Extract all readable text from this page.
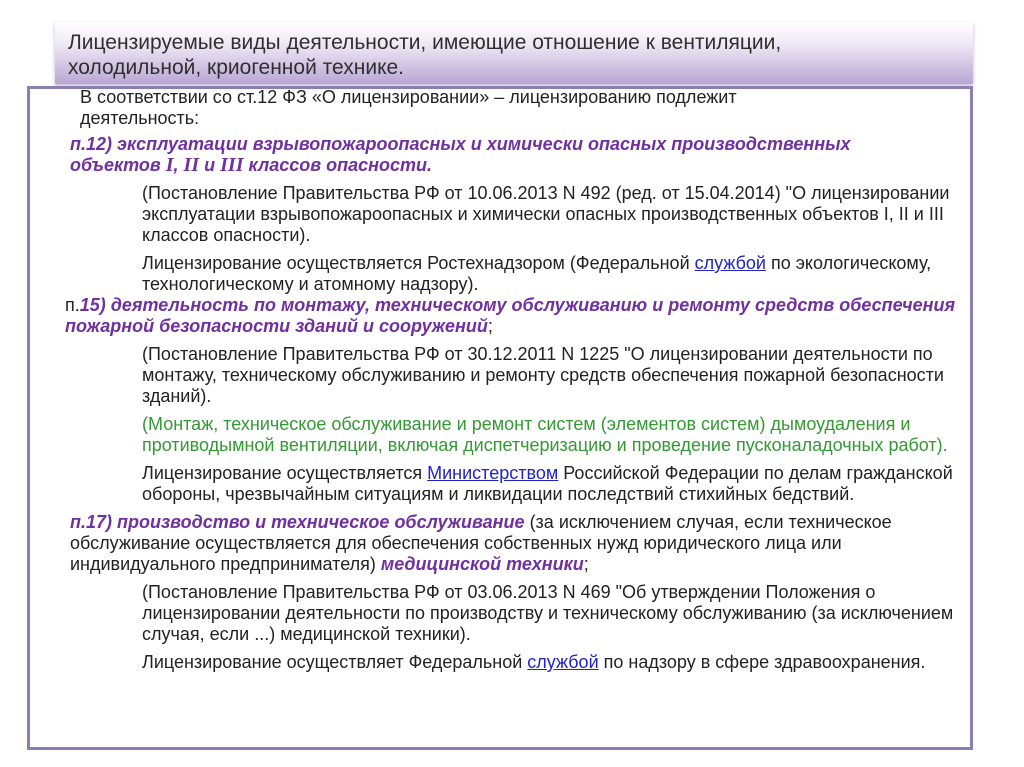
Лицензируемые виды деятельности, имеющие отношение к вентиляции,
холодильной, криогенной технике.

В соответствии со ст.12 ФЗ «О лицензировании» – лицензированию подлежит
деятельность:

п.12) эксплуатации взрывопожароопасных и химически опасных производственных
объектов I, II и III классов опасности.

(Постановление Правительства РФ от 10.06.2013 N 492 (ред. от 15.04.2014) "О лицензировании эксплуатации взрывопожароопасных и химически опасных производственных объектов I, II и III классов опасности).

Лицензирование осуществляется Ростехнадзором (Федеральной службой по экологическому, технологическому и атомному надзору).

п.15) деятельность по монтажу, техническому обслуживанию и ремонту средств обеспечения пожарной безопасности зданий и сооружений;

(Постановление Правительства РФ от 30.12.2011 N 1225 "О лицензировании деятельности по монтажу, техническому обслуживанию и ремонту средств обеспечения пожарной безопасности зданий).

(Монтаж, техническое обслуживание и ремонт систем (элементов систем) дымоудаления и противодымной вентиляции, включая диспетчеризацию и проведение пусконаладочных работ).

Лицензирование осуществляется Министерством Российской Федерации по делам гражданской обороны, чрезвычайным ситуациям и ликвидации последствий стихийных бедствий.

п.17) производство и техническое обслуживание (за исключением случая, если техническое обслуживание осуществляется для обеспечения собственных нужд юридического лица или индивидуального предпринимателя) медицинской техники;

(Постановление Правительства РФ от 03.06.2013 N 469 "Об утверждении Положения о лицензировании деятельности по производству и техническому обслуживанию (за исключением случая, если ...) медицинской техники).

Лицензирование осуществляет Федеральной службой по надзору в сфере здравоохранения.
